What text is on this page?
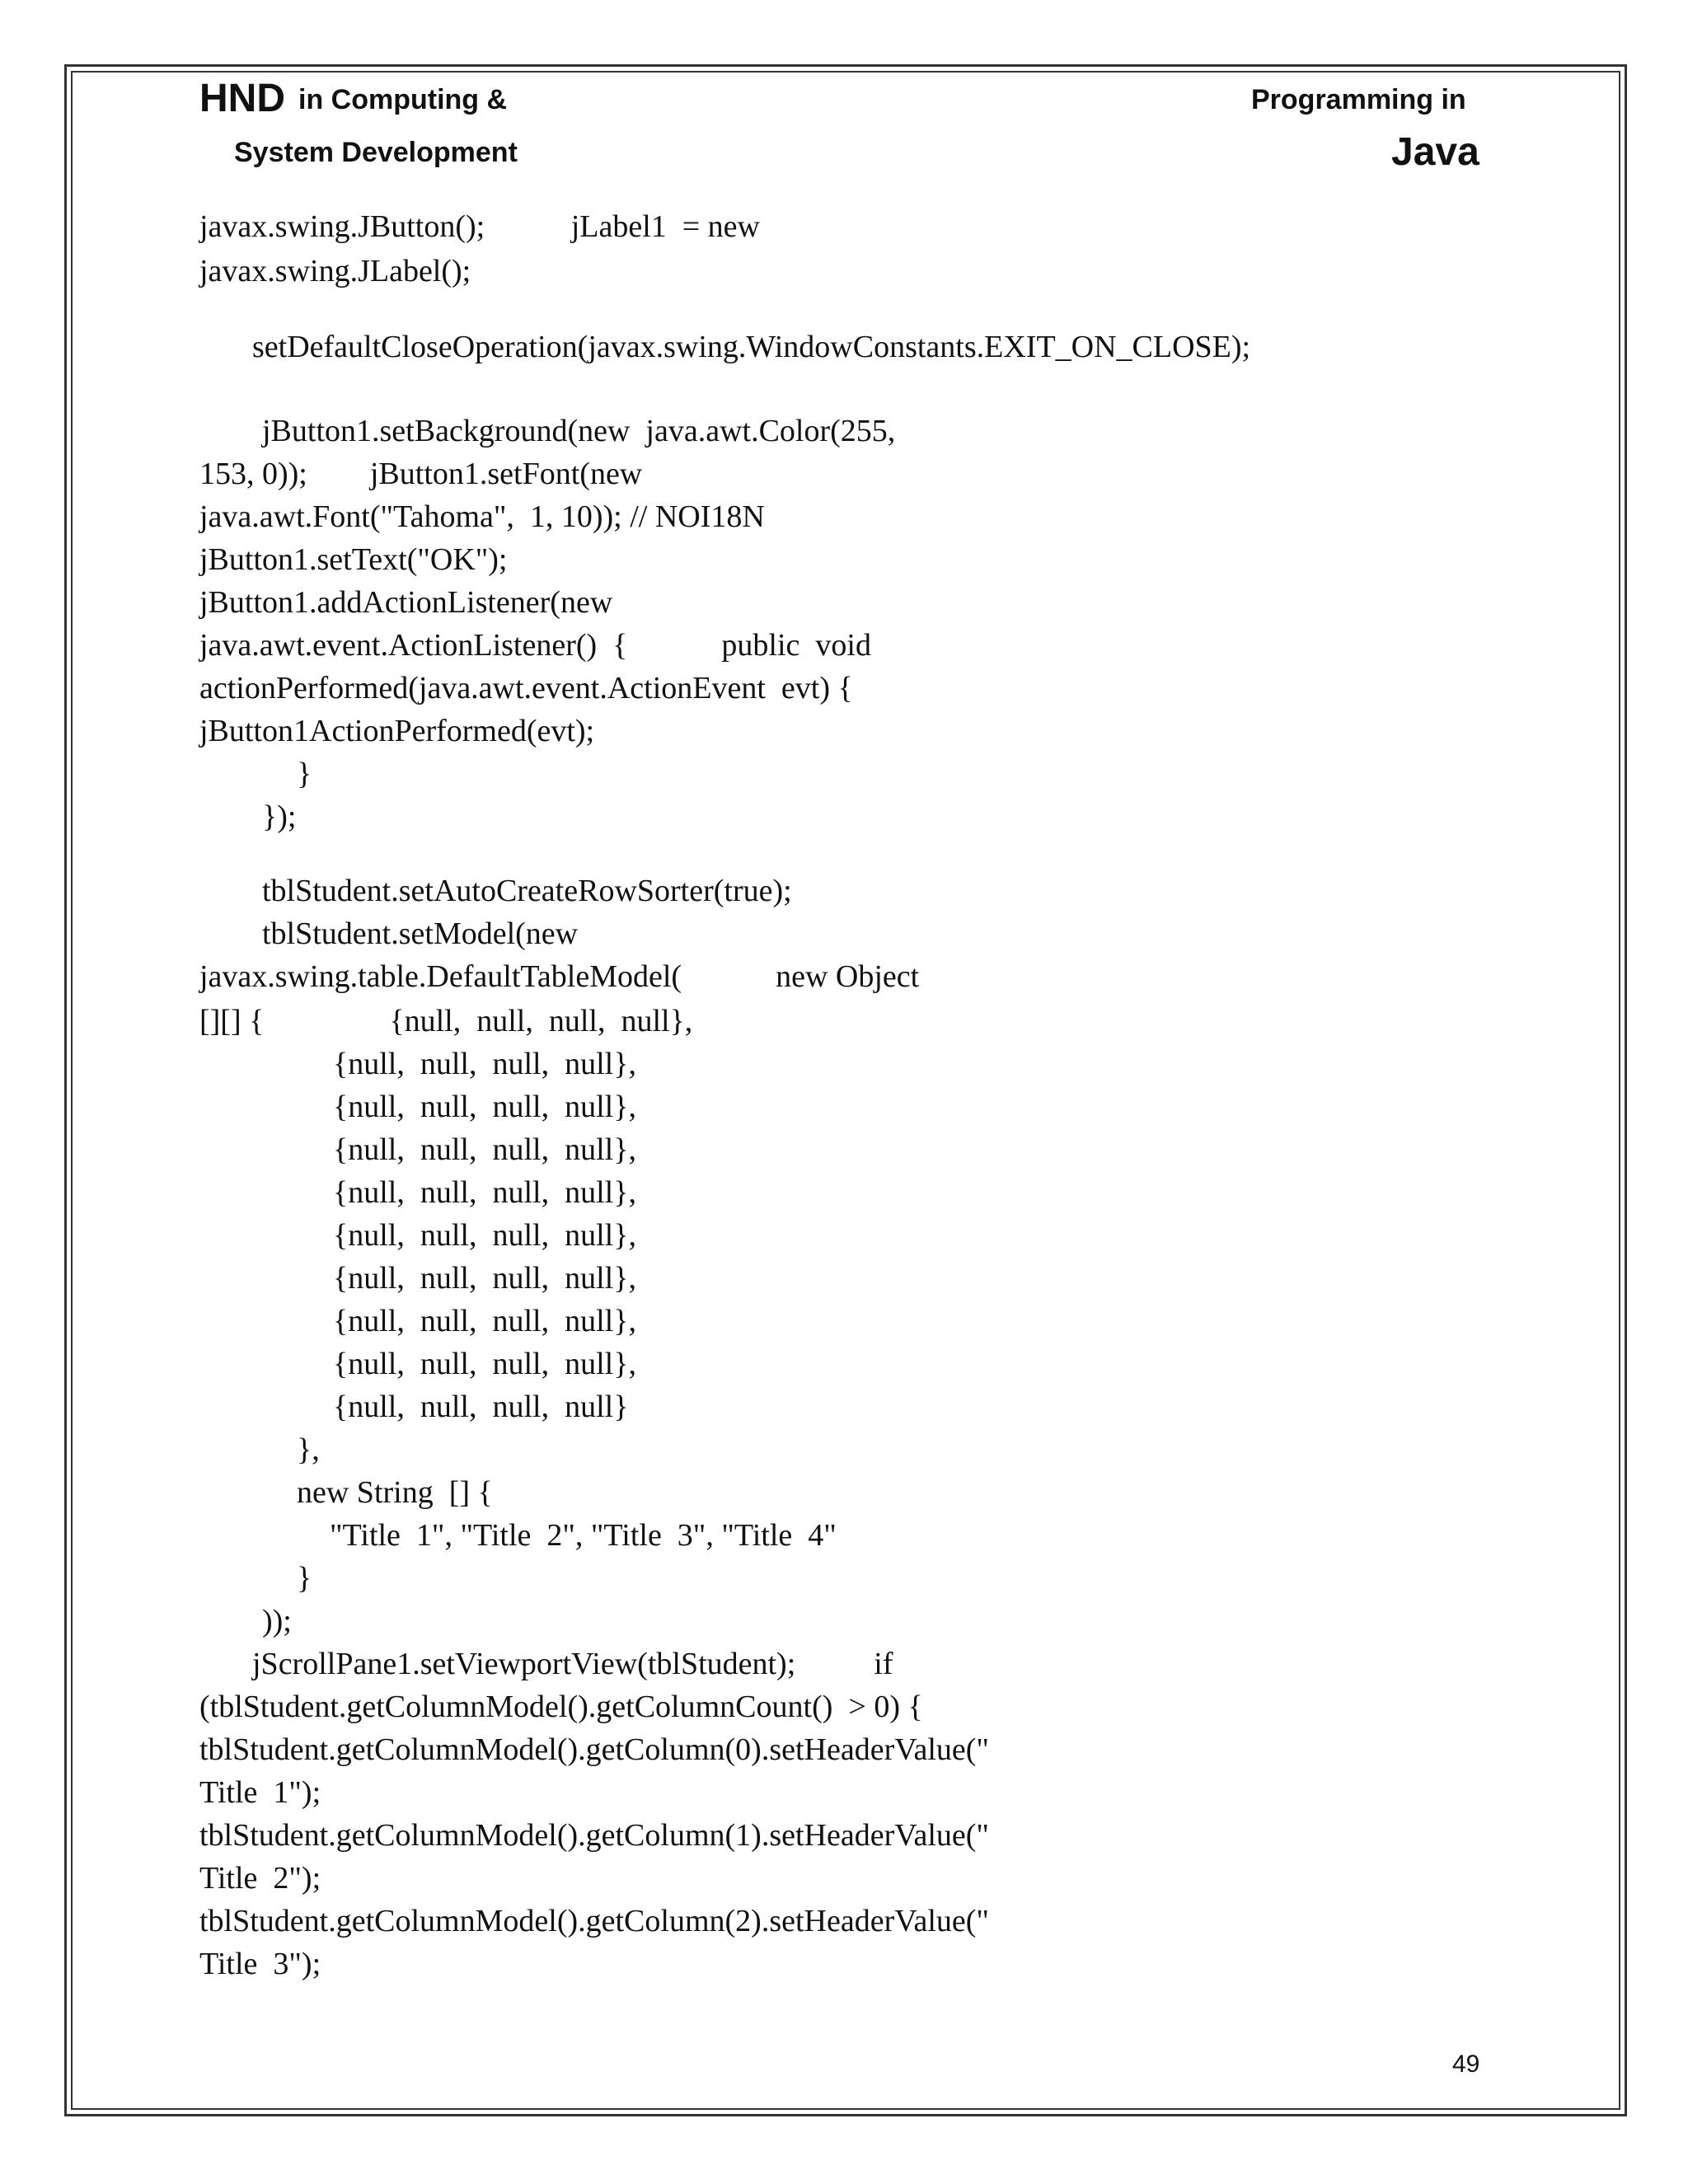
HND in Computing &
System Development
Programming in
Java
javax.swing.JButton();           jLabel1  = new
javax.swing.JLabel();
setDefaultCloseOperation(javax.swing.WindowConstants.EXIT_ON_CLOSE);
jButton1.setBackground(new  java.awt.Color(255,
153, 0));        jButton1.setFont(new
java.awt.Font("Tahoma",  1, 10)); // NOI18N
jButton1.setText("OK");
jButton1.addActionListener(new
java.awt.event.ActionListener()  {            public  void
actionPerformed(java.awt.event.ActionEvent  evt) {
jButton1ActionPerformed(evt);
}
});
tblStudent.setAutoCreateRowSorter(true);
tblStudent.setModel(new
javax.swing.table.DefaultTableModel(            new Object
[][] {                {null,  null,  null,  null},
{null,  null,  null,  null},
{null,  null,  null,  null},
{null,  null,  null,  null},
{null,  null,  null,  null},
{null,  null,  null,  null},
{null,  null,  null,  null},
{null,  null,  null,  null},
{null,  null,  null,  null},
{null,  null,  null,  null}
},
new String  [] {
"Title  1", "Title  2", "Title  3", "Title  4"
}
));
jScrollPane1.setViewportView(tblStudent);          if
(tblStudent.getColumnModel().getColumnCount()  > 0) {
tblStudent.getColumnModel().getColumn(0).setHeaderValue("
Title  1");
tblStudent.getColumnModel().getColumn(1).setHeaderValue("
Title  2");
tblStudent.getColumnModel().getColumn(2).setHeaderValue("
Title  3");
49
